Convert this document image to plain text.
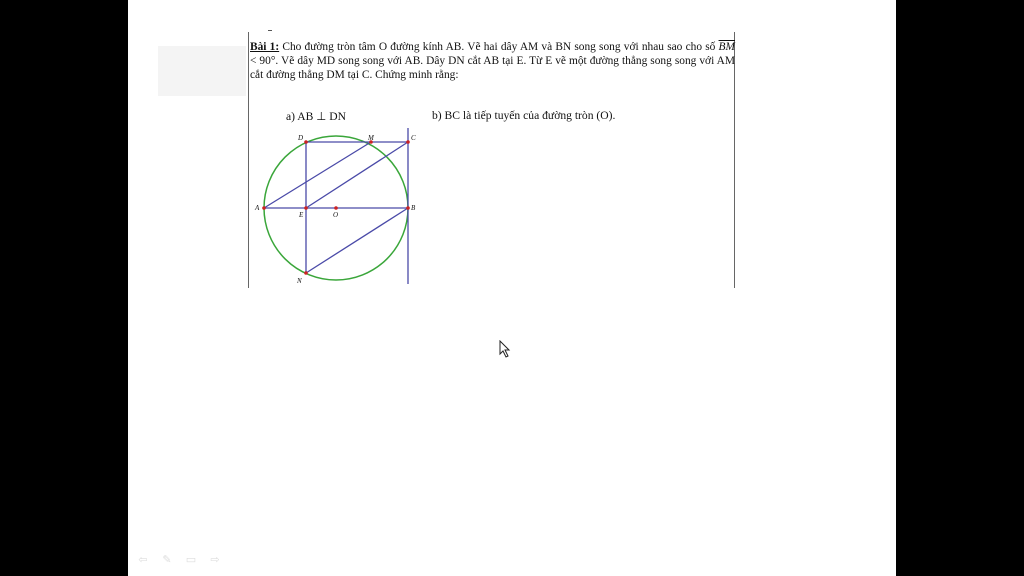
Bài 1: Cho đường tròn tâm O đường kính AB. Vẽ hai dây AM và BN song song với nhau sao cho số $\overline{BM} < 90^\circ$. Vẽ dây MD song song với AB. Dây DN cắt AB tại E. Từ E vẽ một đường thẳng song song với AM cắt đường thẳng DM tại C. Chứng minh rằng:
a) AB ⊥ DN	b) BC là tiếp tuyến của đường tròn (O).
A	B
C
D
E
M
N
O
⇦ ✎ ▭ ⇨
